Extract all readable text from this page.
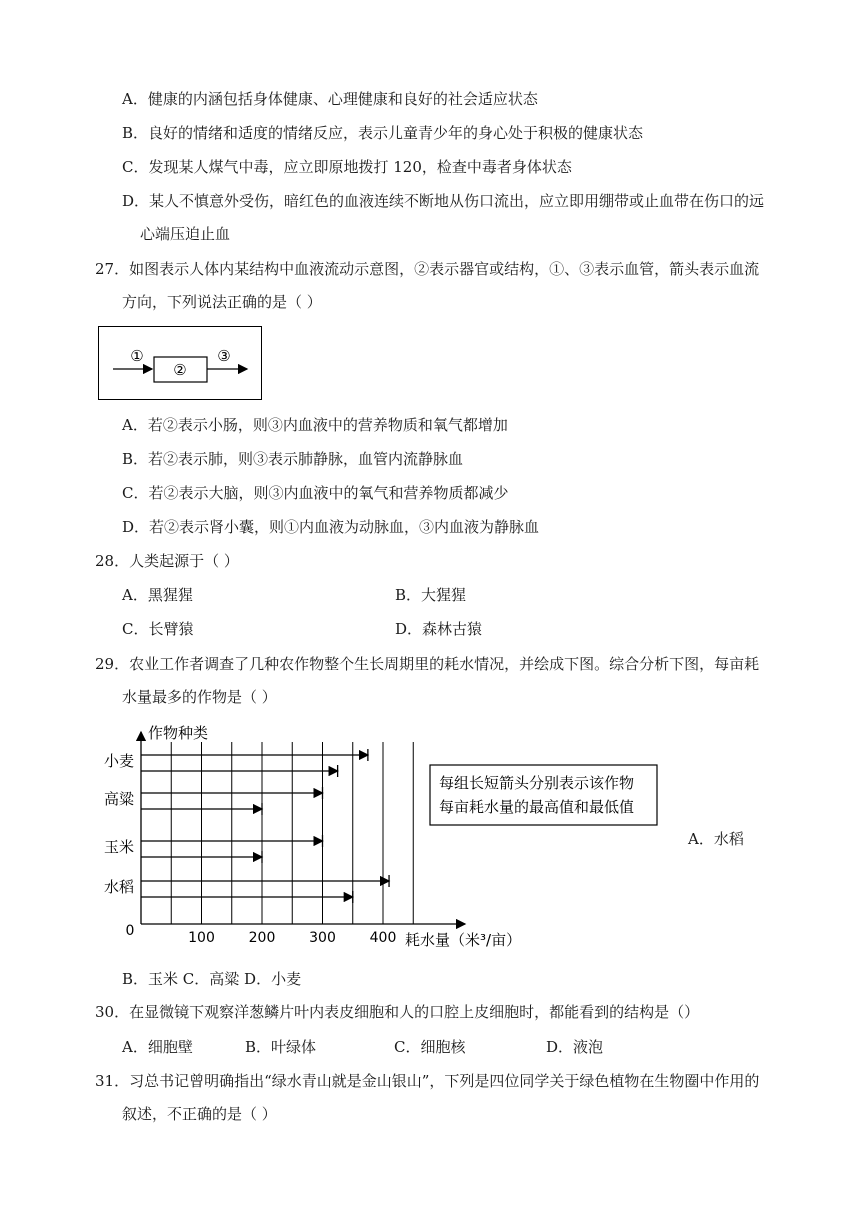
A．健康的内涵包括身体健康、心理健康和良好的社会适应状态
B．良好的情绪和适度的情绪反应，表示儿童青少年的身心处于积极的健康状态
C．发现某人煤气中毒，应立即原地拨打 120，检查中毒者身体状态
D．某人不慎意外受伤，暗红色的血液连续不断地从伤口流出，应立即用绷带或止血带在伤口的远
心端压迫止血
27．如图表示人体内某结构中血液流动示意图，②表示器官或结构，①、③表示血管，箭头表示血流
方向，下列说法正确的是（ ）
①
②
③
A．若②表示小肠，则③内血液中的营养物质和氧气都增加
B．若②表示肺，则③表示肺静脉，血管内流静脉血
C．若②表示大脑，则③内血液中的氧气和营养物质都减少
D．若②表示肾小囊，则①内血液为动脉血，③内血液为静脉血
28．人类起源于（ ）
A．黑猩猩	B．大猩猩
C．长臂猿	D．森林古猿
29．农业工作者调查了几种农作物整个生长周期里的耗水情况，并绘成下图。综合分析下图，每亩耗
水量最多的作物是（ ）
作物种类
耗水量（米³/亩）
0	100 200 300 400
小麦
高粱
玉米
水稻
每组长短箭头分别表示该作物
每亩耗水量的最高值和最低值
A．水稻
B．玉米 C．高粱 D．小麦
30．在显微镜下观察洋葱鳞片叶内表皮细胞和人的口腔上皮细胞时，都能看到的结构是（）
A．细胞壁	B．叶绿体	C．细胞核	D．液泡
31．习总书记曾明确指出“绿水青山就是金山银山”，下列是四位同学关于绿色植物在生物圈中作用的
叙述，不正确的是（ ）
